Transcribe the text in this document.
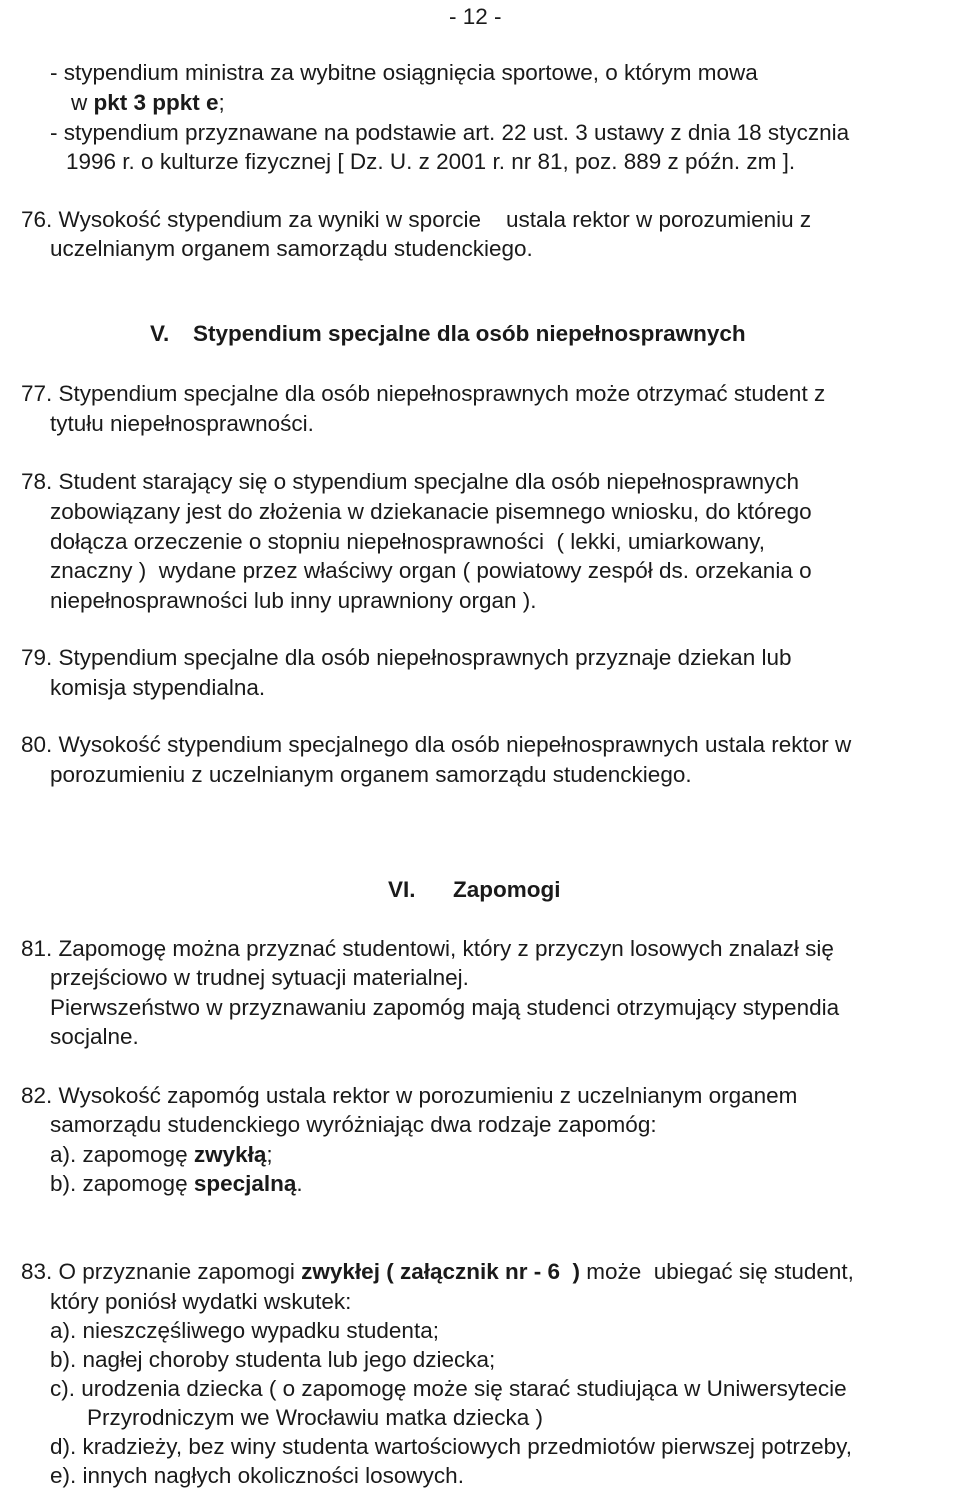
- 12 -
- stypendium ministra za wybitne osiągnięcia sportowe, o którym mowa
w pkt 3 ppkt e;
- stypendium przyznawane na podstawie art. 22 ust. 3 ustawy z dnia 18 stycznia
1996 r. o kulturze fizycznej [ Dz. U. z 2001 r. nr 81, poz. 889 z późn. zm ].
76. Wysokość stypendium za wyniki w sporcie    ustala rektor w porozumieniu z
uczelnianym organem samorządu studenckiego.
V. Stypendium specjalne dla osób niepełnosprawnych
77. Stypendium specjalne dla osób niepełnosprawnych może otrzymać student z
tytułu niepełnosprawności.
78. Student starający się o stypendium specjalne dla osób niepełnosprawnych
zobowiązany jest do złożenia w dziekanacie pisemnego wniosku, do którego
dołącza orzeczenie o stopniu niepełnosprawności  ( lekki, umiarkowany,
znaczny )  wydane przez właściwy organ ( powiatowy zespół ds. orzekania o
niepełnosprawności lub inny uprawniony organ ).
79. Stypendium specjalne dla osób niepełnosprawnych przyznaje dziekan lub
komisja stypendialna.
80. Wysokość stypendium specjalnego dla osób niepełnosprawnych ustala rektor w
porozumieniu z uczelnianym organem samorządu studenckiego.
VI. Zapomogi
81. Zapomogę można przyznać studentowi, który z przyczyn losowych znalazł się
przejściowo w trudnej sytuacji materialnej.
Pierwszeństwo w przyznawaniu zapomóg mają studenci otrzymujący stypendia
socjalne.
82. Wysokość zapomóg ustala rektor w porozumieniu z uczelnianym organem
samorządu studenckiego wyróżniając dwa rodzaje zapomóg:
a). zapomogę zwykłą;
b). zapomogę specjalną.
83. O przyznanie zapomogi zwykłej ( załącznik nr - 6  ) może  ubiegać się student,
który poniósł wydatki wskutek:
a). nieszczęśliwego wypadku studenta;
b). nagłej choroby studenta lub jego dziecka;
c). urodzenia dziecka ( o zapomogę może się starać studiująca w Uniwersytecie
Przyrodniczym we Wrocławiu matka dziecka )
d). kradzieży, bez winy studenta wartościowych przedmiotów pierwszej potrzeby,
e). innych nagłych okoliczności losowych.
